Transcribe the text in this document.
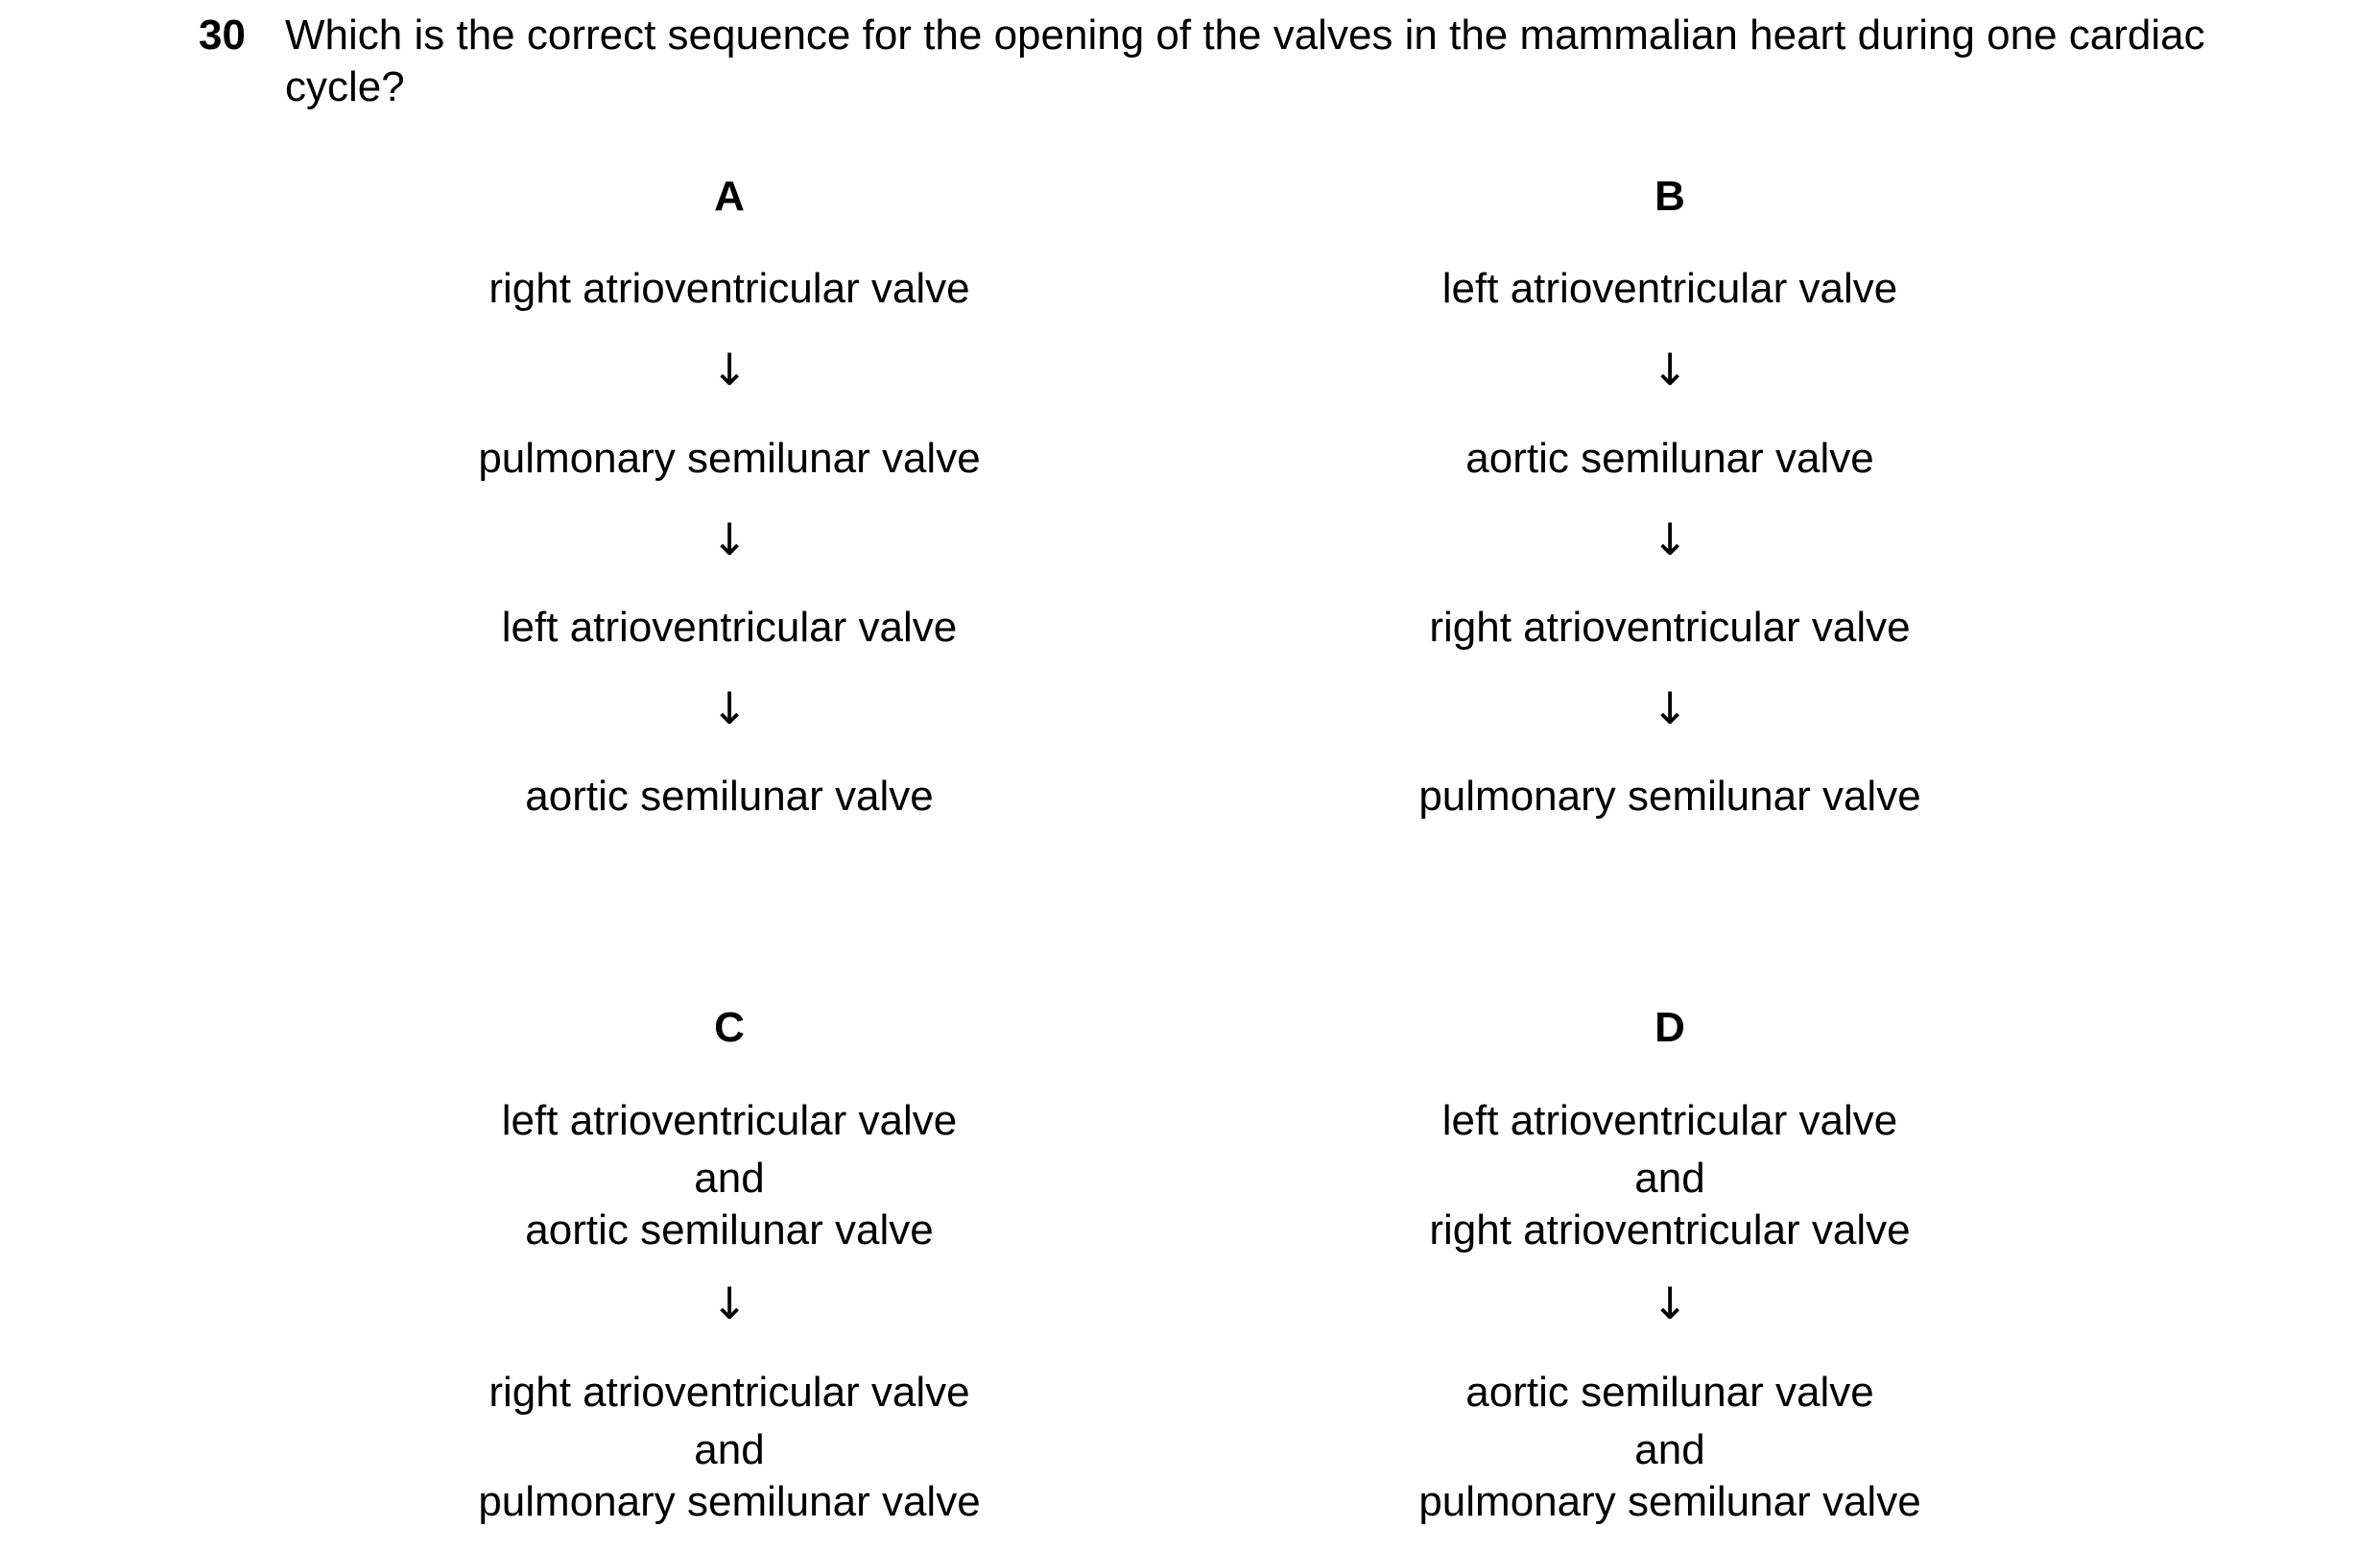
30 Which is the correct sequence for the opening of the valves in the mammalian heart during one cardiac cycle?
A
right atrioventricular valve
↓
pulmonary semilunar valve
↓
left atrioventricular valve
↓
aortic semilunar valve
B
left atrioventricular valve
↓
aortic semilunar valve
↓
right atrioventricular valve
↓
pulmonary semilunar valve
C
left atrioventricular valve
and
aortic semilunar valve
↓
right atrioventricular valve
and
pulmonary semilunar valve
D
left atrioventricular valve
and
right atrioventricular valve
↓
aortic semilunar valve
and
pulmonary semilunar valve
